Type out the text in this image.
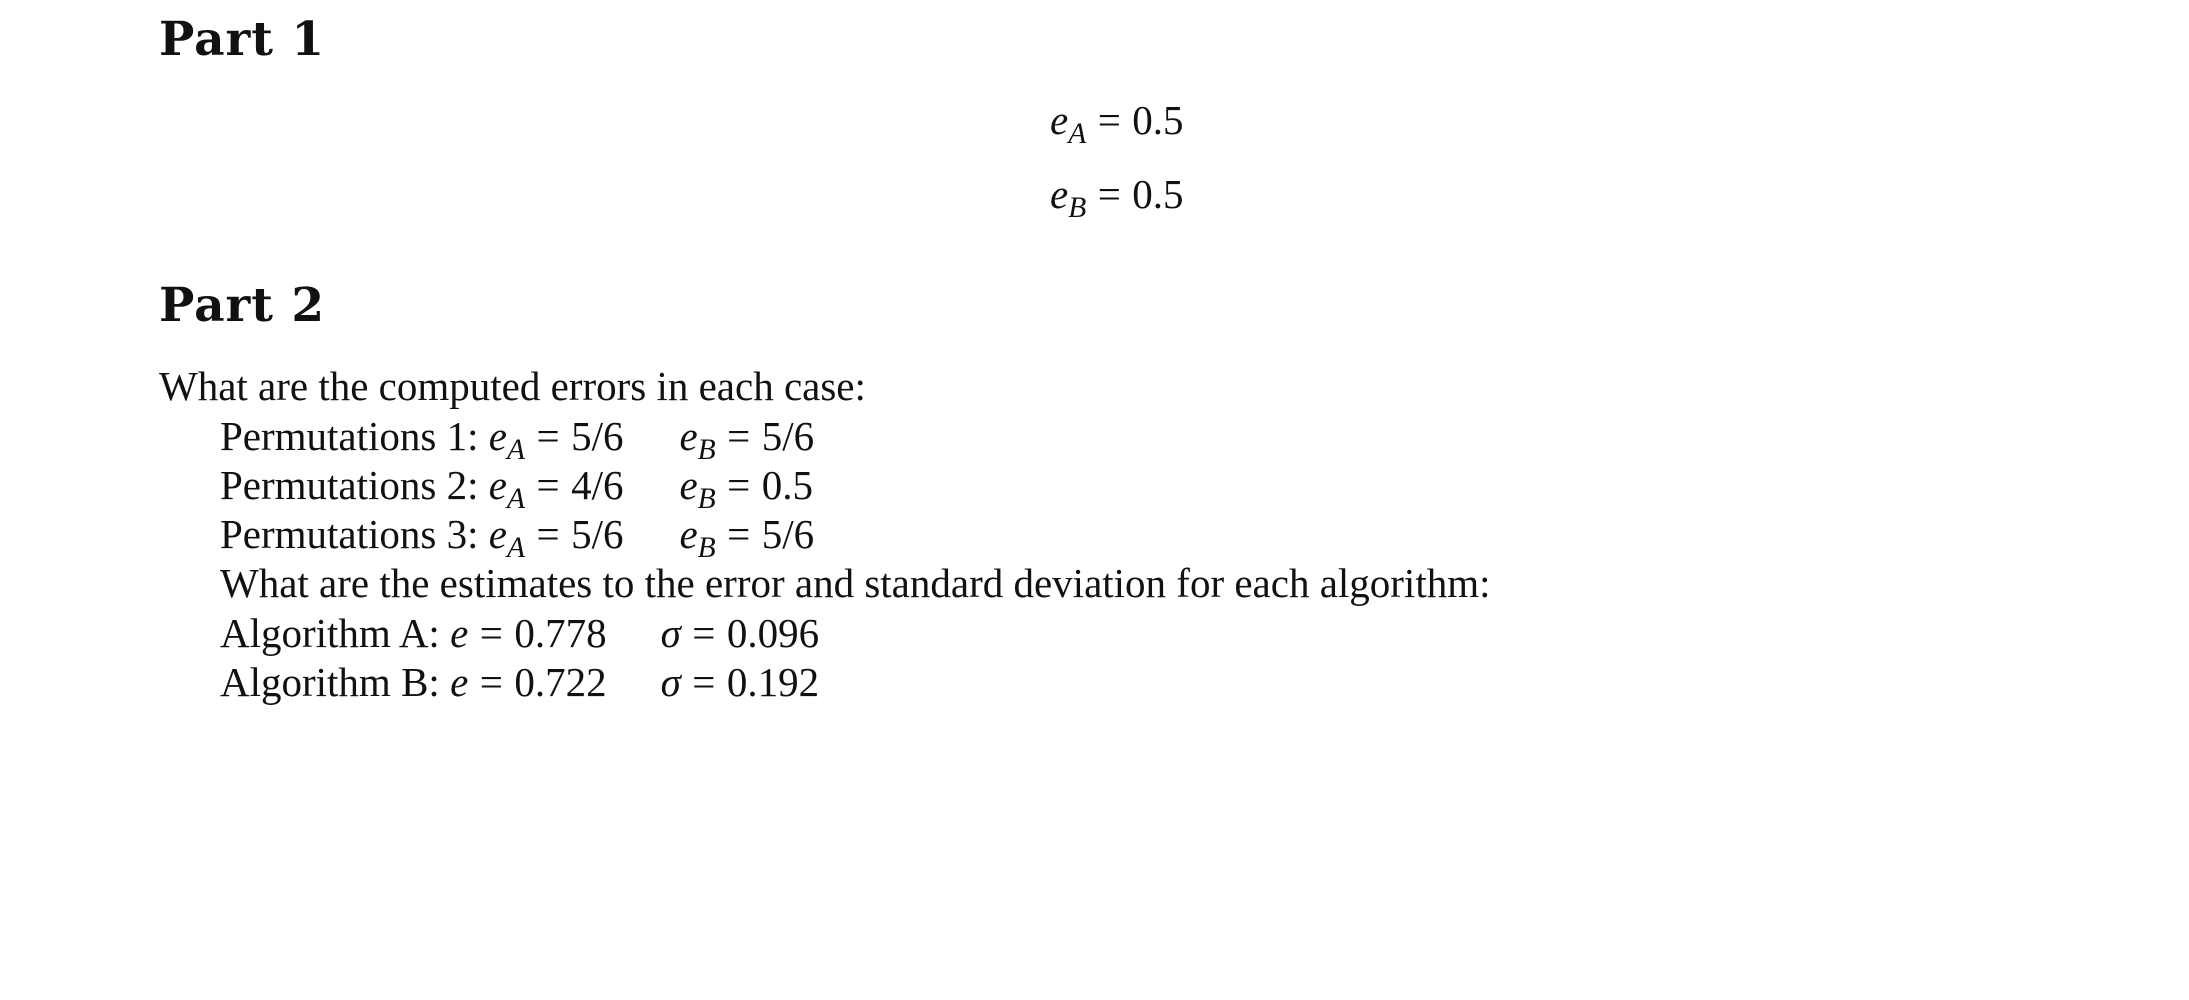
Part 1
$e_A = 0.5$
$e_B = 0.5$
Part 2

What are the computed errors in each case:

Permutations 1: $e_A = 5/6$ $e_B = 5/6$
Permutations 2: $e_A = 4/6$ $e_B = 0.5$
Permutations 3: $e_A = 5/6$ $e_B = 5/6$
What are the estimates to the error and standard deviation for each algorithm:
Algorithm A: e = 0.778 σ = 0.096
Algorithm B: e = 0.722 σ = 0.192
